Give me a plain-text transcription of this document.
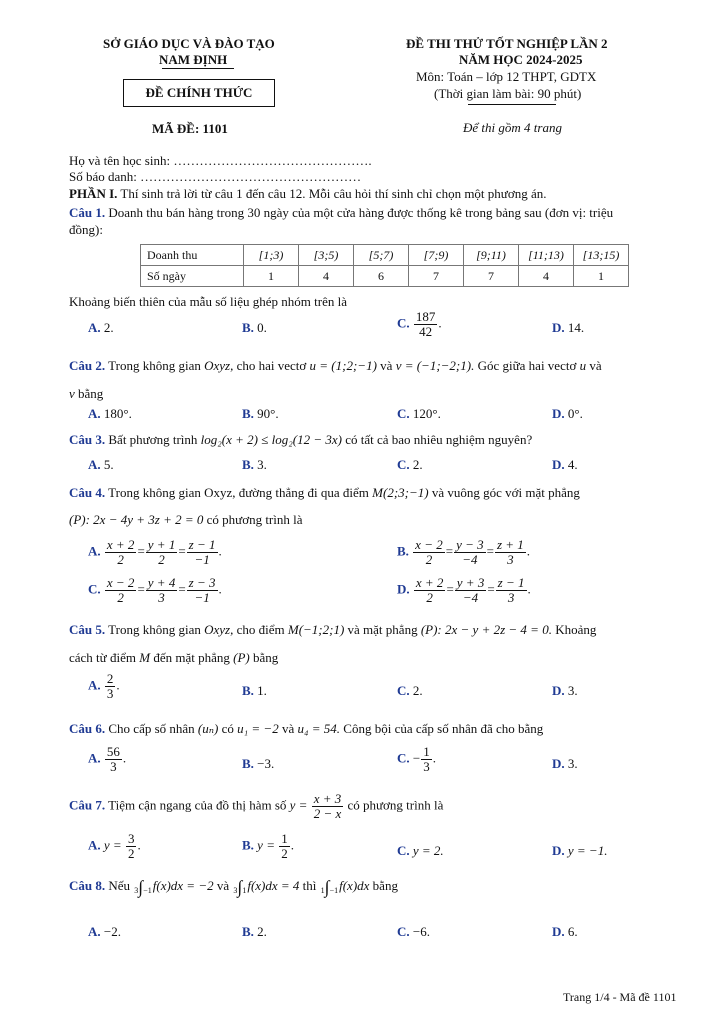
SỞ GIÁO DỤC VÀ ĐÀO TẠO
NAM ĐỊNH
ĐỀ CHÍNH THỨC
MÃ ĐỀ: 1101
ĐỀ THI THỬ TỐT NGHIỆP LẦN 2
NĂM HỌC 2024-2025
Môn: Toán – lớp 12 THPT, GDTX
(Thời gian làm bài: 90 phút)
Để thi gồm 4 trang
Họ và tên học sinh: ……………………………………….
Số báo danh: ……………………………………………
PHẦN I. Thí sinh trả lời từ câu 1 đến câu 12. Mỗi câu hỏi thí sinh chỉ chọn một phương án.
Câu 1. Doanh thu bán hàng trong 30 ngày của một cửa hàng được thống kê trong bảng sau (đơn vị: triệu
đồng):
Doanh thu	[1;3)	[3;5)	[5;7)	[7;9)	[9;11)	[11;13)	[13;15)
Số ngày	1	4	6	7	7	4	1
Khoảng biến thiên của mẫu số liệu ghép nhóm trên là
A. 2.	B. 0.	C. $\frac{187}{42}$ .	D. 14.
Câu 2. Trong không gian Oxyz, cho hai vectơ u = (1;2;−1) và v = (−1;−2;1). Góc giữa hai vectơ u và
v bằng
A. 180°.	B. 90°.	C. 120°.	D. 0°.
Câu 3. Bất phương trình log₂(x + 2) ≤ log₂(12 − 3x) có tất cả bao nhiêu nghiệm nguyên?
A. 5.	B. 3.	C. 2.	D. 4.
Câu 4. Trong không gian Oxyz, đường thẳng đi qua điểm M(2;3;−1) và vuông góc với mặt phẳng
(P): 2x − 4y + 3z + 2 = 0 có phương trình là
A. $\frac{x + 2}{2} = \frac{y + 1}{2} = \frac{z - 1}{-1}$ .	B. $\frac{x - 2}{2} = \frac{y - 3}{-4} = \frac{z + 1}{3}$ .
C. $\frac{x - 2}{2} = \frac{y + 4}{3} = \frac{z - 3}{-1}$ .	D. $\frac{x + 2}{2} = \frac{y + 3}{-4} = \frac{z - 1}{3}$ .
Câu 5. Trong không gian Oxyz, cho điểm M(−1;2;1) và mặt phẳng (P): 2x − y + 2z − 4 = 0. Khoảng
cách từ điểm M đến mặt phẳng (P) bằng
A. $\frac{2}{3}$ .	B. 1.	C. 2.	D. 3.
Câu 6. Cho cấp số nhân (uₙ) có u₁ = −2 và u₄ = 54. Công bội của cấp số nhân đã cho bằng
A. $\frac{56}{3}$ .	B. −3.	C. − $\frac{1}{3}$ .	D. 3.
Câu 7. Tiệm cận ngang của đồ thị hàm số $y = \frac{x + 3}{2 - x}$ có phương trình là
A. $y = \frac{3}{2}$ .	B. $y = \frac{1}{2}$ .	C. y = 2.	D. y = −1.
Câu 8. Nếu 3∫−1f(x)dx = −2 và 3∫1f(x)dx = 4 thì 1∫−1f(x)dx bằng
A. −2.	B. 2.	C. −6.	D. 6.
Trang 1/4 - Mã đề 1101
